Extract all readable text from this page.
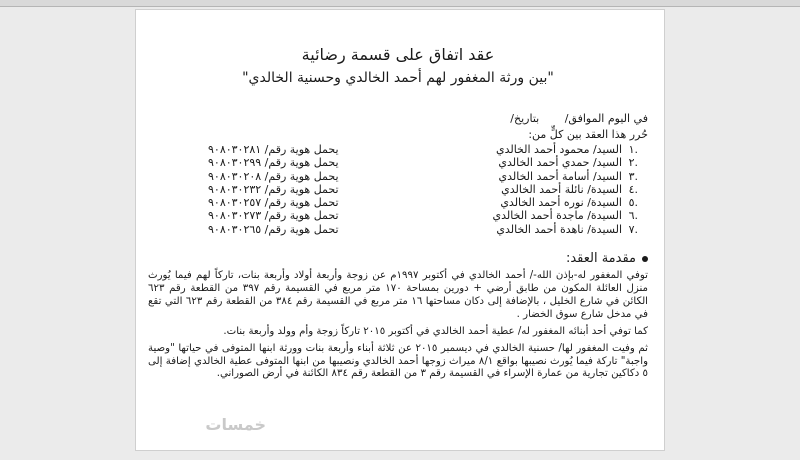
عقد اتفاق على قسمة رضائية
"بين ورثة المغفور لهم أحمد الخالدي وحسنية الخالدي"
في اليوم الموافق/ بتاريخ/
حُرر هذا العقد بين كلٍّ من:
.١السيد/ محمود أحمد الخالدي
يحمل هوية رقم/ ٩٠٨٠٣٠٢٨١
.٢السيد/ حمدي أحمد الخالدي
يحمل هوية رقم/ ٩٠٨٠٣٠٢٩٩
.٣السيد/ أسامة أحمد الخالدي
يحمل هوية رقم/ ٩٠٨٠٣٠٢٠٨
.٤السيدة/ نائلة أحمد الخالدي
تحمل هوية رقم/ ٩٠٨٠٣٠٢٣٢
.٥السيدة/ نوره أحمد الخالدي
تحمل هوية رقم/ ٩٠٨٠٣٠٢٥٧
.٦السيدة/ ماجدة أحمد الخالدي
تحمل هوية رقم/ ٩٠٨٠٣٠٢٧٣
.٧السيدة/ ناهدة أحمد الخالدي
تحمل هوية رقم/ ٩٠٨٠٣٠٢٦٥
مقدمة العقد:

توفي المغفور له-بإذن الله-/ أحمد الخالدي في أكتوبر ١٩٩٧م عن زوجة وأربعة أولاد وأربعة بنات، تاركاً لهم فيما يُورث منزل العائلة المكون من طابق أرضي + دورين بمساحة ١٧٠ متر مربع في القسيمة رقم ٣٩٧ من القطعة رقم ٦٢٣ الكائن في شارع الخليل ، بالإضافة إلى دكان مساحتها ١٦ متر مربع في القسيمة رقم ٣٨٤ من القطعة رقم ٦٢٣ التي تقع في مدخل شارع سوق الخضار .

كما توفي أحد أبنائه المغفور له/ عطية أحمد الخالدي في أكتوبر ٢٠١٥ تاركاً زوجة وأم وولد وأربعة بنات.

ثم وفيت المغفور لها/ حسنية الخالدي في ديسمبر ٢٠١٥ عن ثلاثة أبناء وأربعة بنات وورثة ابنها المتوفى في حياتها "وصية واجبة" تاركة فيما يُورث نصيبها بواقع ٨/١ ميراث زوجها أحمد الخالدي ونصيبها من ابنها المتوفى عطية الخالدي إضافة إلى ٥ دكاكين تجارية من عمارة الإسراء في القسيمة رقم ٣ من القطعة رقم ٨٣٤ الكائنة في أرض الصوراني.

خمسات
